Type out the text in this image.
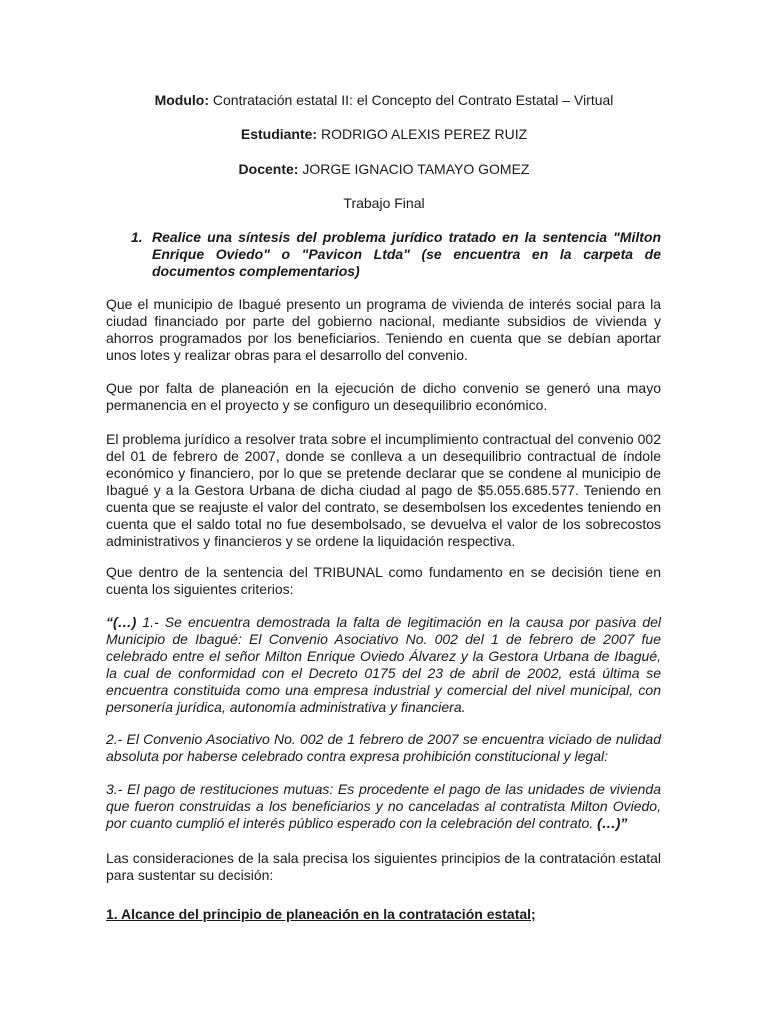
Modulo: Contratación estatal II: el Concepto del Contrato Estatal – Virtual
Estudiante: RODRIGO ALEXIS PEREZ RUIZ
Docente: JORGE IGNACIO TAMAYO GOMEZ
Trabajo Final
1. Realice una síntesis del problema jurídico tratado en la sentencia "Milton Enrique Oviedo" o "Pavicon Ltda" (se encuentra en la carpeta de documentos complementarios)

Que el municipio de Ibagué presento un programa de vivienda de interés social para la ciudad financiado por parte del gobierno nacional, mediante subsidios de vivienda y ahorros programados por los beneficiarios. Teniendo en cuenta que se debían aportar unos lotes y realizar obras para el desarrollo del convenio.

Que por falta de planeación en la ejecución de dicho convenio se generó una mayo permanencia en el proyecto y se configuro un desequilibrio económico.

El problema jurídico a resolver trata sobre el incumplimiento contractual del convenio 002 del 01 de febrero de 2007, donde se conlleva a un desequilibrio contractual de índole económico y financiero, por lo que se pretende declarar que se condene al municipio de Ibagué y a la Gestora Urbana de dicha ciudad al pago de $5.055.685.577. Teniendo en cuenta que se reajuste el valor del contrato, se desembolsen los excedentes teniendo en cuenta que el saldo total no fue desembolsado, se devuelva el valor de los sobrecostos administrativos y financieros y se ordene la liquidación respectiva.

Que dentro de la sentencia del TRIBUNAL como fundamento en se decisión tiene en cuenta los siguientes criterios:

“(…) 1.- Se encuentra demostrada la falta de legitimación en la causa por pasiva del Municipio de Ibagué: El Convenio Asociativo No. 002 del 1 de febrero de 2007 fue celebrado entre el señor Milton Enrique Oviedo Álvarez y la Gestora Urbana de Ibagué, la cual de conformidad con el Decreto 0175 del 23 de abril de 2002, está última se encuentra constituida como una empresa industrial y comercial del nivel municipal, con personería jurídica, autonomía administrativa y financiera.

2.- El Convenio Asociativo No. 002 de 1 febrero de 2007 se encuentra viciado de nulidad absoluta por haberse celebrado contra expresa prohibición constitucional y legal:

3.- El pago de restituciones mutuas: Es procedente el pago de las unidades de vivienda que fueron construidas a los beneficiarios y no canceladas al contratista Milton Oviedo, por cuanto cumplió el interés público esperado con la celebración del contrato. (…)”

Las consideraciones de la sala precisa los siguientes principios de la contratación estatal para sustentar su decisión:

1. Alcance del principio de planeación en la contratación estatal;
